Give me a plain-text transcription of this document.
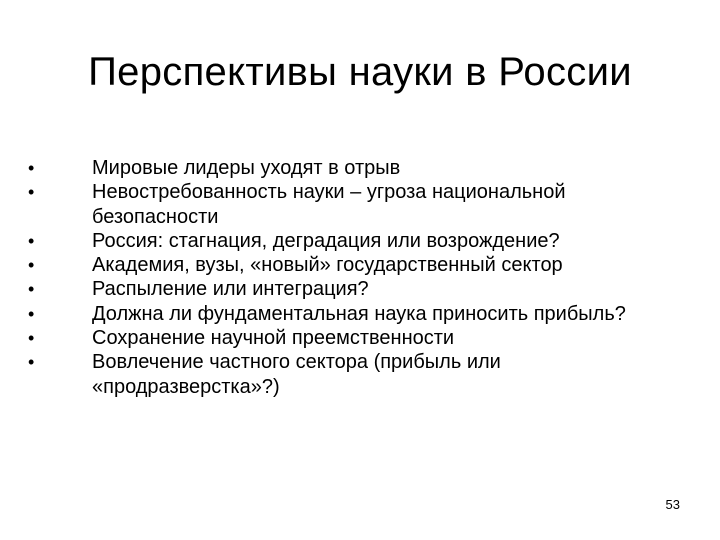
Перспективы науки в России
•	Мировые лидеры уходят в отрыв
•	Невостребованность науки – угроза национальной безопасности
•	Россия: стагнация, деградация или возрождение?
•	Академия, вузы, «новый» государственный сектор
•	Распыление или интеграция?
•	Должна ли фундаментальная наука приносить прибыль?
•	Сохранение научной преемственности
•	Вовлечение частного сектора (прибыль или «продразверстка»?)
53
